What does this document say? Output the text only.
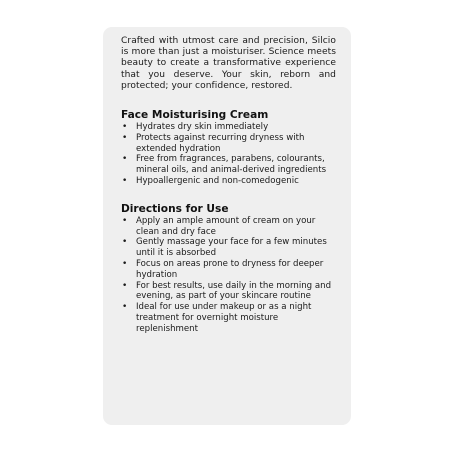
Crafted with utmost care and precision, Silcio is more than just a moisturiser. Science meets beauty to create a transformative experience that you deserve. Your skin, reborn and protected; your confidence, restored.

Face Moisturising Cream
• Hydrates dry skin immediately
• Protects against recurring dryness with extended hydration
• Free from fragrances, parabens, colourants, mineral oils, and animal-derived ingredients
• Hypoallergenic and non-comedogenic
Directions for Use
• Apply an ample amount of cream on your clean and dry face
• Gently massage your face for a few minutes until it is absorbed
• Focus on areas prone to dryness for deeper hydration
• For best results, use daily in the morning and evening, as part of your skincare routine
• Ideal for use under makeup or as a night treatment for overnight moisture replenishment
